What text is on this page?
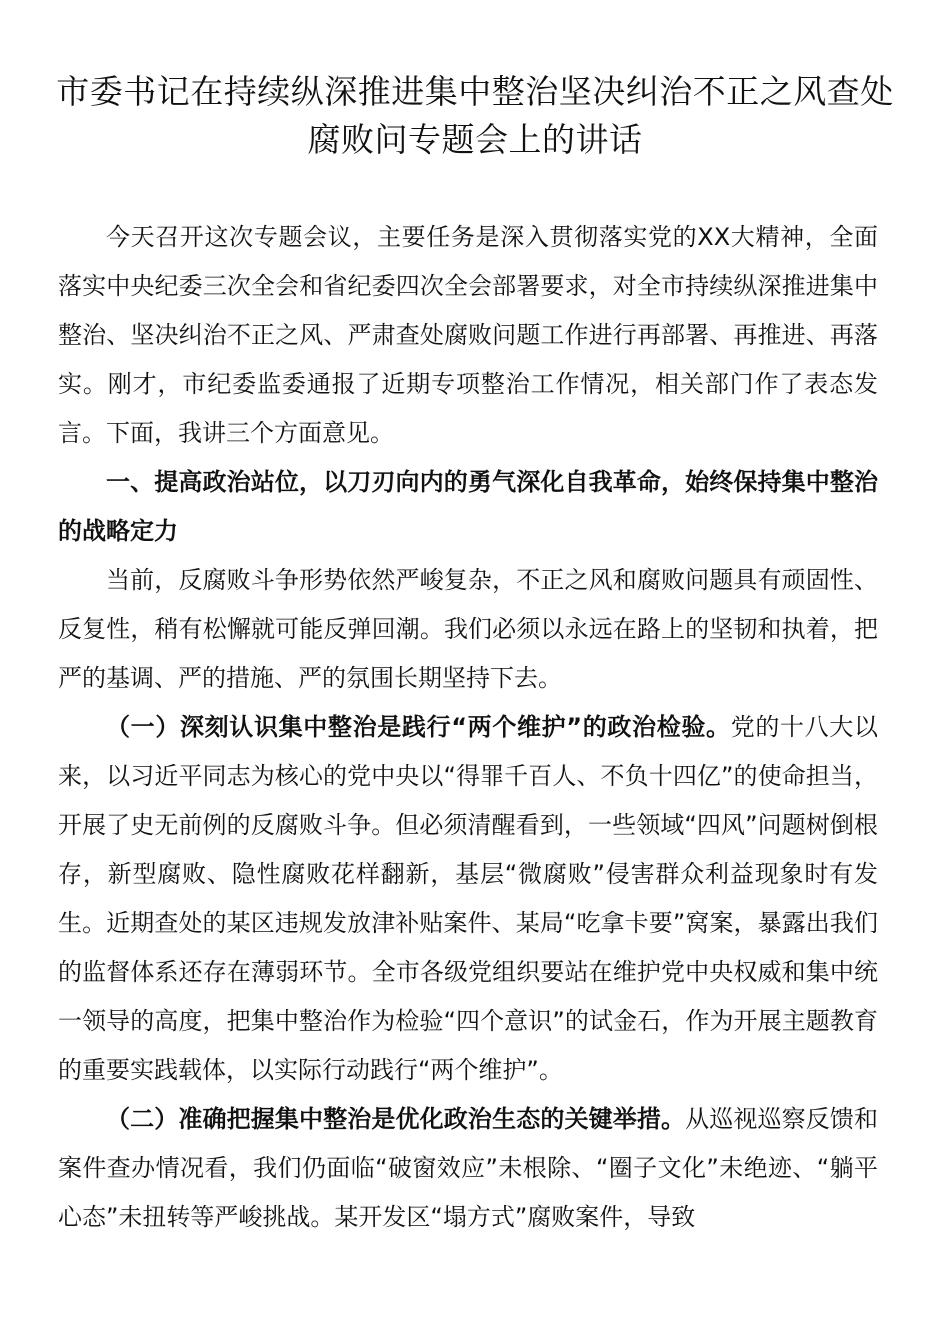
市委书记在持续纵深推进集中整治坚决纠治不正之风查处腐败问专题会上的讲话

今天召开这次专题会议，主要任务是深入贯彻落实党的XX大精神，全面落实中央纪委三次全会和省纪委四次全会部署要求，对全市持续纵深推进集中整治、坚决纠治不正之风、严肃查处腐败问题工作进行再部署、再推进、再落实。刚才，市纪委监委通报了近期专项整治工作情况，相关部门作了表态发言。下面，我讲三个方面意见。

一、提高政治站位，以刀刃向内的勇气深化自我革命，始终保持集中整治的战略定力

当前，反腐败斗争形势依然严峻复杂，不正之风和腐败问题具有顽固性、反复性，稍有松懈就可能反弹回潮。我们必须以永远在路上的坚韧和执着，把严的基调、严的措施、严的氛围长期坚持下去。

（一）深刻认识集中整治是践行“两个维护”的政治检验。党的十八大以来，以习近平同志为核心的党中央以“得罪千百人、不负十四亿”的使命担当，开展了史无前例的反腐败斗争。但必须清醒看到，一些领域“四风”问题树倒根存，新型腐败、隐性腐败花样翻新，基层“微腐败”侵害群众利益现象时有发生。近期查处的某区违规发放津补贴案件、某局“吃拿卡要”窝案，暴露出我们的监督体系还存在薄弱环节。全市各级党组织要站在维护党中央权威和集中统一领导的高度，把集中整治作为检验“四个意识”的试金石，作为开展主题教育的重要实践载体，以实际行动践行“两个维护”。

（二）准确把握集中整治是优化政治生态的关键举措。从巡视巡察反馈和案件查办情况看，我们仍面临“破窗效应”未根除、“圈子文化”未绝迹、“躺平心态”未扭转等严峻挑战。某开发区“塌方式”腐败案件，导致
